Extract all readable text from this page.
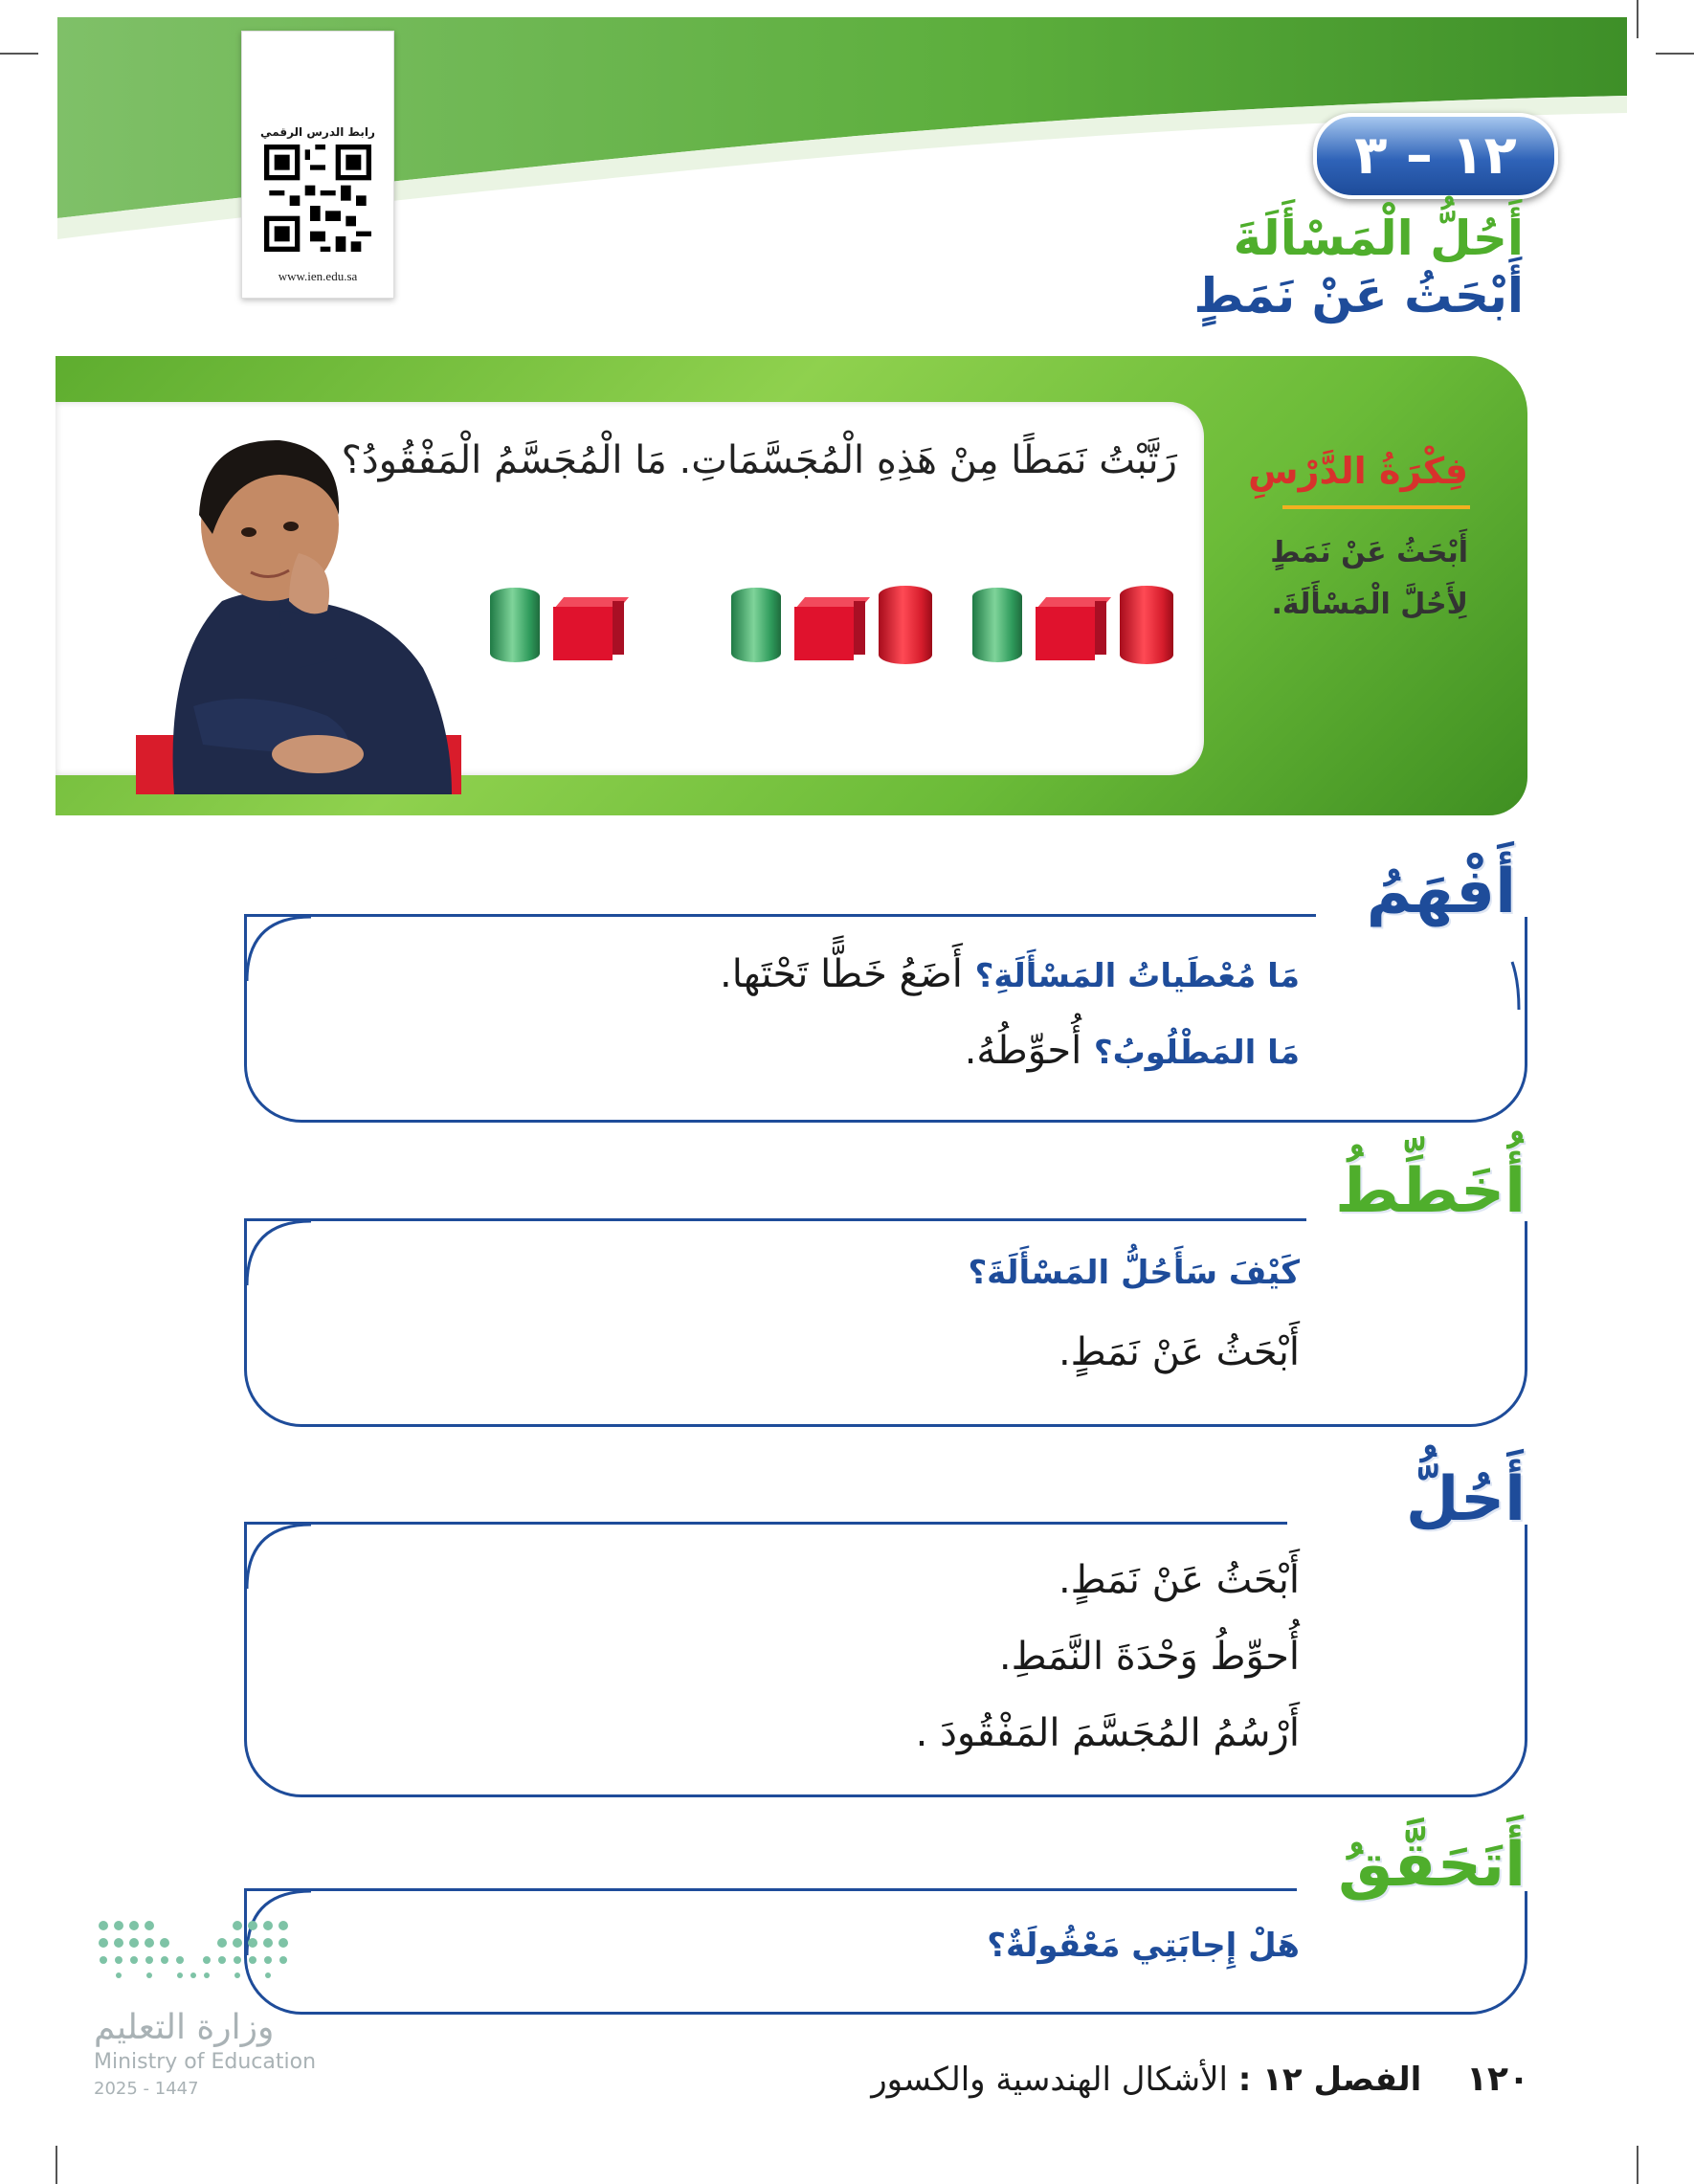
رابط الدرس الرقمي
www.ien.edu.sa
١٢ – ٣
أَحُلُّ الْمَسْأَلَةَ
أَبْحَثُ عَنْ نَمَطٍ
رَتَّبْتُ نَمَطًا مِنْ هَذِهِ الْمُجَسَّمَاتِ. مَا الْمُجَسَّمُ الْمَفْقُودُ؟ فِكْرَةُ الدَّرْسِ
أَبْحَثُ عَنْ نَمَطٍ
لِأَحُلَّ الْمَسْأَلَةَ.
أَفْهَمُ
مَا مُعْطَياتُ المَسْأَلَةِ؟ أَضَعُ خَطًّا تَحْتَها.
مَا المَطْلُوبُ؟ أُحوِّطُهُ.
أُخَطِّطُ
كَيْفَ سَأَحُلُّ المَسْأَلَةَ؟
أَبْحَثُ عَنْ نَمَطٍ.
أَحُلُّ
أَبْحَثُ عَنْ نَمَطٍ.
أُحوِّطُ وَحْدَةَ النَّمَطِ.
أَرْسُمُ المُجَسَّمَ المَفْقُودَ .
أَتَحَقَّقُ
هَلْ إِجابَتِي مَعْقُولَةٌ؟
وزارة التعليم
Ministry of Education
2025 - 1447	١٢٠ الفصل ١٢ : الأشكال الهندسية والكسور
